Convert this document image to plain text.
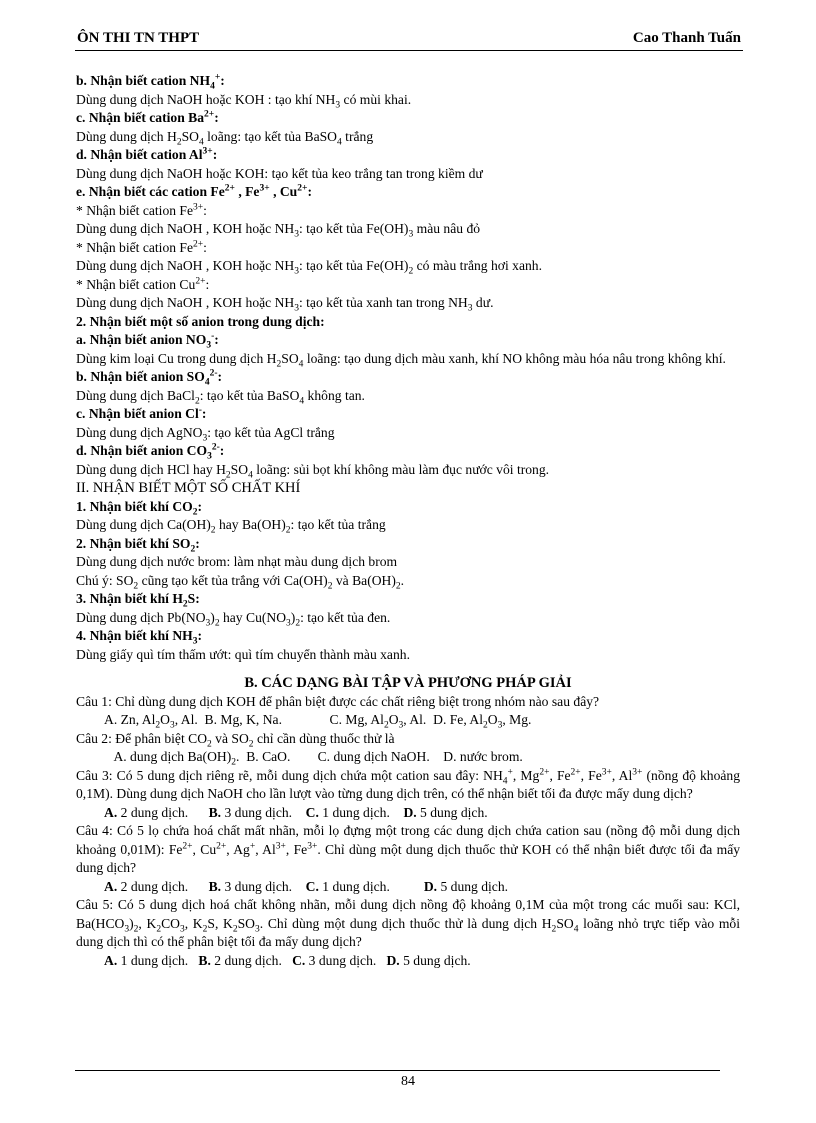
ÔN THI TN THPT	Cao Thanh Tuấn

b. Nhận biết cation $NH_4^+$:

Dùng dung dịch NaOH hoặc KOH : tạo khí $NH_3$ có mùi khai.

c. Nhận biết cation $Ba^{2+}$:

Dùng dung dịch $H_2SO_4$ loãng: tạo kết tủa BaSO$_4$ trắng

d. Nhận biết cation $Al^{3+}$:

Dùng dung dịch NaOH hoặc KOH: tạo kết tủa keo trắng tan trong kiềm dư

e. Nhận biết các cation $Fe^{2+}$ , $Fe^{3+}$ , $Cu^{2+}$:

* Nhận biết cation $Fe^{3+}$:

Dùng dung dịch NaOH , KOH hoặc $NH_3$: tạo kết tủa $Fe(OH)_3$ màu nâu đỏ

* Nhận biết cation $Fe^{2+}$:

Dùng dung dịch NaOH , KOH hoặc $NH_3$: tạo kết tủa $Fe(OH)_2$ có màu trắng hơi xanh.

* Nhận biết cation $Cu^{2+}$:

Dùng dung dịch NaOH , KOH hoặc $NH_3$: tạo kết tủa xanh tan trong $NH_3$ dư.

2. Nhận biết một số anion trong dung dịch:

a. Nhận biết anion $NO_3^-$:

Dùng kim loại Cu trong dung dịch $H_2SO_4$ loãng: tạo dung dịch màu xanh, khí NO không màu hóa nâu trong không khí.

b. Nhận biết anion $SO_4^{2-}$:

Dùng dung dịch BaCl$_2$: tạo kết tủa BaSO$_4$ không tan.

c. Nhận biết anion Cl-:

Dùng dung dịch AgNO$_3$: tạo kết tủa AgCl trắng

d. Nhận biết anion $CO_3^{2-}$:

Dùng dung dịch HCl hay $H_2SO_4$ loãng: sủi bọt khí không màu làm đục nước vôi trong.

II. NHẬN BIẾT MỘT SỐ CHẤT KHÍ

1. Nhận biết khí $CO_2$:

Dùng dung dịch $Ca(OH)_2$ hay $Ba(OH)_2$: tạo kết tủa trắng

2. Nhận biết khí $SO_2$:

Dùng dung dịch nước brom: làm nhạt màu dung dịch brom

Chú ý: $SO_2$ cũng tạo kết tủa trắng với $Ca(OH)_2$ và $Ba(OH)_2$.

3. Nhận biết khí $H_2S$:

Dùng dung dịch $Pb(NO_3)_2$ hay $Cu(NO_3)_2$: tạo kết tủa đen.

4. Nhận biết khí $NH_3$:

Dùng giấy quì tím thấm ướt: quì tím chuyển thành màu xanh.

B. CÁC DẠNG BÀI TẬP VÀ PHƯƠNG PHÁP GIẢI

Câu 1: Chỉ dùng dung dịch KOH để phân biệt được các chất riêng biệt trong nhóm nào sau đây?

A. Zn, $Al_2O_3$, Al.  B. Mg, K, Na.              C. Mg, $Al_2O_3$, Al.  D. Fe, $Al_2O_3$, Mg.

Câu 2: Để phân biệt $CO_2$ và $SO_2$ chỉ cần dùng thuốc thử là

A. dung dịch $Ba(OH)_2$.  B. CaO.        C. dung dịch NaOH.    D. nước brom.

Câu 3: Có 5 dung dịch riêng rẽ, mỗi dung dịch chứa một cation sau đây: $NH_4^+$, $Mg^{2+}$, $Fe^{2+}$, $Fe^{3+}$, $Al^{3+}$ (nồng độ khoảng 0,1M). Dùng dung dịch NaOH cho lần lượt vào từng dung dịch trên, có thể nhận biết tối đa được mấy dung dịch?

A. 2 dung dịch.      B. 3 dung dịch.    C. 1 dung dịch.    D. 5 dung dịch.

Câu 4: Có 5 lọ chứa hoá chất mất nhãn, mỗi lọ đựng một trong các dung dịch chứa cation sau (nồng độ mỗi dung dịch khoảng 0,01M): $Fe^{2+}$, $Cu^{2+}$, Ag+, $Al^{3+}$, $Fe^{3+}$. Chỉ dùng một dung dịch thuốc thử KOH có thể nhận biết được tối đa mấy dung dịch?

A. 2 dung dịch.      B. 3 dung dịch.    C. 1 dung dịch.          D. 5 dung dịch.

Câu 5: Có 5 dung dịch hoá chất không nhãn, mỗi dung dịch nồng độ khoảng 0,1M của một trong các muối sau: KCl, $Ba(HCO_3)_2$, $K_2CO_3$, $K_2S$, $K_2SO_3$. Chỉ dùng một dung dịch thuốc thử là dung dịch $H_2SO_4$ loãng nhỏ trực tiếp vào mỗi dung dịch thì có thể phân biệt tối đa mấy dung dịch?

A. 1 dung dịch.   B. 2 dung dịch.   C. 3 dung dịch.   D. 5 dung dịch.

84
